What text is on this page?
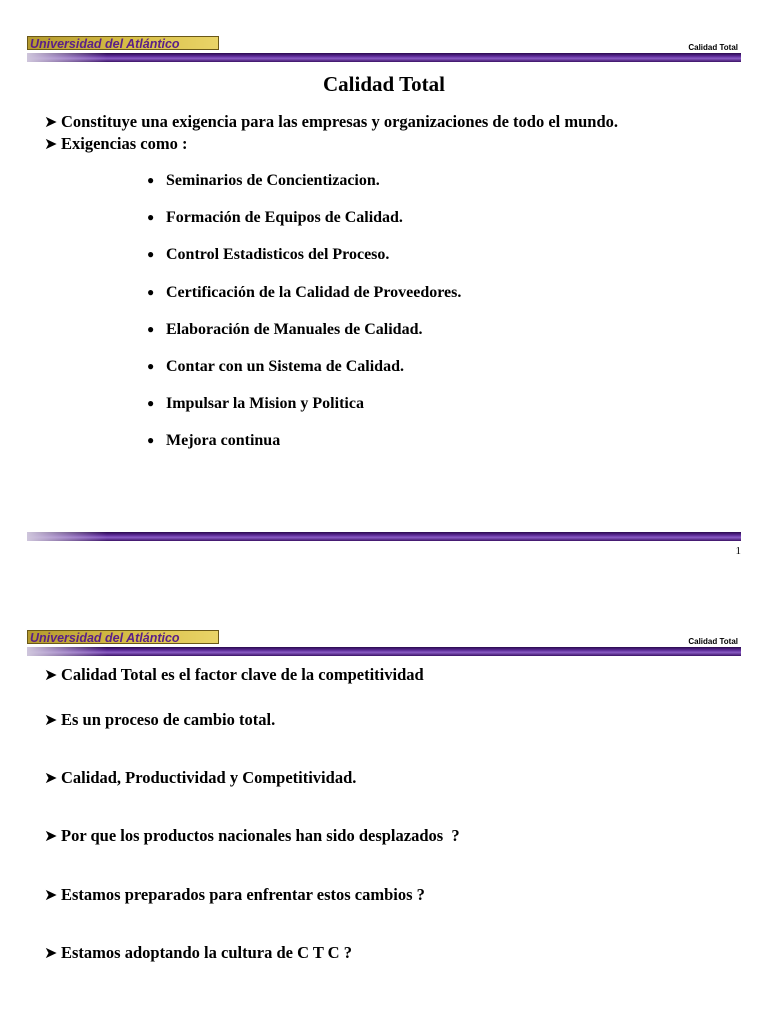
Universidad del Atlántico	Calidad Total
Calidad Total
➤ Constituye una exigencia para las empresas y organizaciones de todo el mundo.
➤ Exigencias como :
● Seminarios de Concientizacion.
● Formación de Equipos de Calidad.
● Control Estadisticos del Proceso.
● Certificación de la Calidad de Proveedores.
● Elaboración de Manuales de Calidad.
● Contar con un Sistema de Calidad.
● Impulsar la Mision y Politica
● Mejora continua
1
Universidad del Atlántico	Calidad Total
➤ Calidad Total es el factor clave de la competitividad
➤ Es un proceso de cambio total.
➤ Calidad, Productividad y Competitividad.
➤ Por que los productos nacionales han sido desplazados  ?
➤ Estamos preparados para enfrentar estos cambios ?
➤ Estamos adoptando la cultura de C T C ?
